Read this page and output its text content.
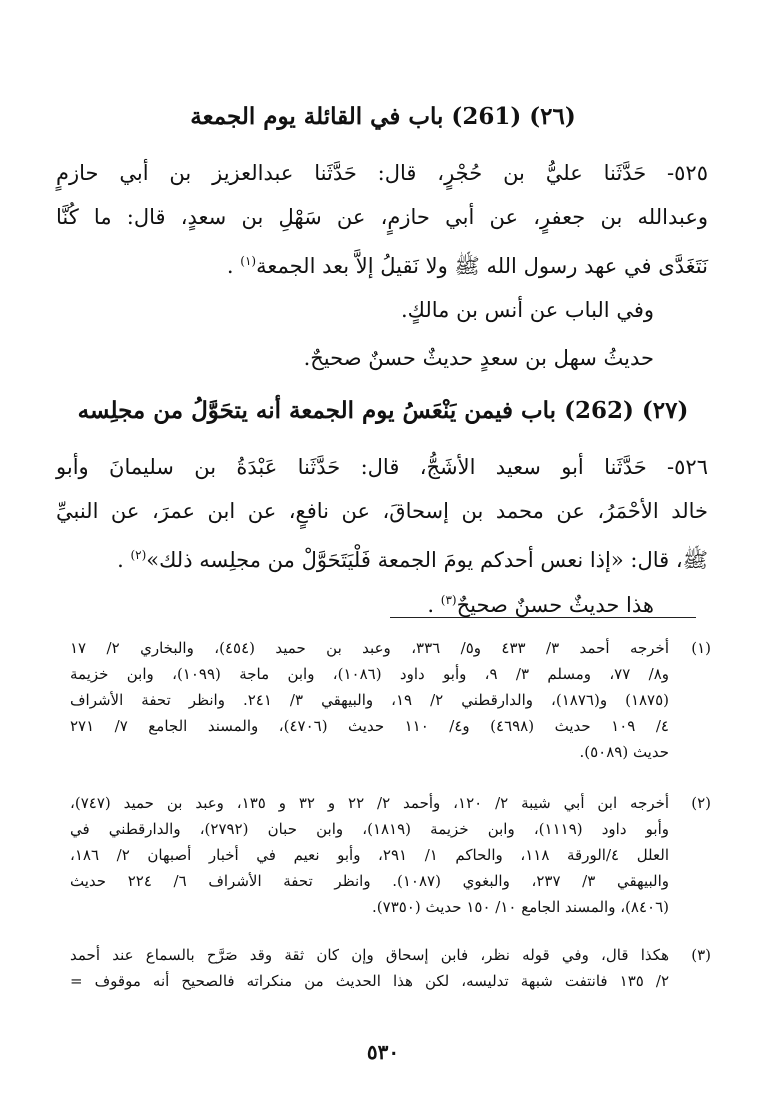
(٢٦) (261) باب في القائلة يوم الجمعة
٥٢٥- حَدَّثَنا عليُّ بن حُجْرٍ، قال: حَدَّثَنا عبدالعزيز بن أبي حازمٍ
وعبدالله بن جعفرٍ، عن أبي حازمٍ، عن سَهْلِ بن سعدٍ، قال: ما كُنَّا
نَتَغَدَّى في عهد رسول الله ﷺ ولا نَقيلُ إلاَّ بعد الجمعة$^{(١)}$ .
وفي الباب عن أنس بن مالكٍ.
حديثُ سهل بن سعدٍ حديثٌ حسنٌ صحيحٌ.
(٢٧) (262) باب فيمن يَنْعَسُ يوم الجمعة أنه يتحَوَّلُ من مجلِسه
٥٢٦- حَدَّثَنا أبو سعيد الأشَجُّ، قال: حَدَّثَنا عَبْدَةُ بن سليمانَ وأبو
خالد الأحْمَرُ، عن محمد بن إسحاقَ، عن نافعٍ، عن ابن عمرَ، عن النبيِّ
ﷺ، قال: «إذا نعس أحدكم يومَ الجمعة فَلْيَتَحَوَّلْ من مجلِسه ذلك»$^{(٢)}$ .
هذا حديثٌ حسنٌ صحيحٌ$^{(٣)}$ .
(١)
أخرجه أحمد ٣/ ٤٣٣ و٥/ ٣٣٦، وعبد بن حميد (٤٥٤)، والبخاري ٢/ ١٧
و٨/ ٧٧، ومسلم ٣/ ٩، وأبو داود (١٠٨٦)، وابن ماجة (١٠٩٩)، وابن خزيمة
(١٨٧٥) و(١٨٧٦)، والدارقطني ٢/ ١٩، والبيهقي ٣/ ٢٤١. وانظر تحفة الأشراف
٤/ ١٠٩ حديث (٤٦٩٨) و٤/ ١١٠ حديث (٤٧٠٦)، والمسند الجامع ٧/ ٢٧١
حديث (٥٠٨٩).
(٢)
أخرجه ابن أبي شيبة ٢/ ١٢٠، وأحمد ٢/ ٢٢ و ٣٢ و ١٣٥، وعبد بن حميد (٧٤٧)،
وأبو داود (١١١٩)، وابن خزيمة (١٨١٩)، وابن حبان (٢٧٩٢)، والدارقطني في
العلل ٤/الورقة ١١٨، والحاكم ١/ ٢٩١، وأبو نعيم في أخبار أصبهان ٢/ ١٨٦،
والبيهقي ٣/ ٢٣٧، والبغوي (١٠٨٧). وانظر تحفة الأشراف ٦/ ٢٢٤ حديث
(٨٤٠٦)، والمسند الجامع ١٠/ ١٥٠ حديث (٧٣٥٠).
(٣)
هكذا قال، وفي قوله نظر، فابن إسحاق وإن كان ثقة وقد صَرَّح بالسماع عند أحمد
٢/ ١٣٥ فانتفت شبهة تدليسه، لكن هذا الحديث من منكراته فالصحيح أنه موقوف =
٥٣٠
